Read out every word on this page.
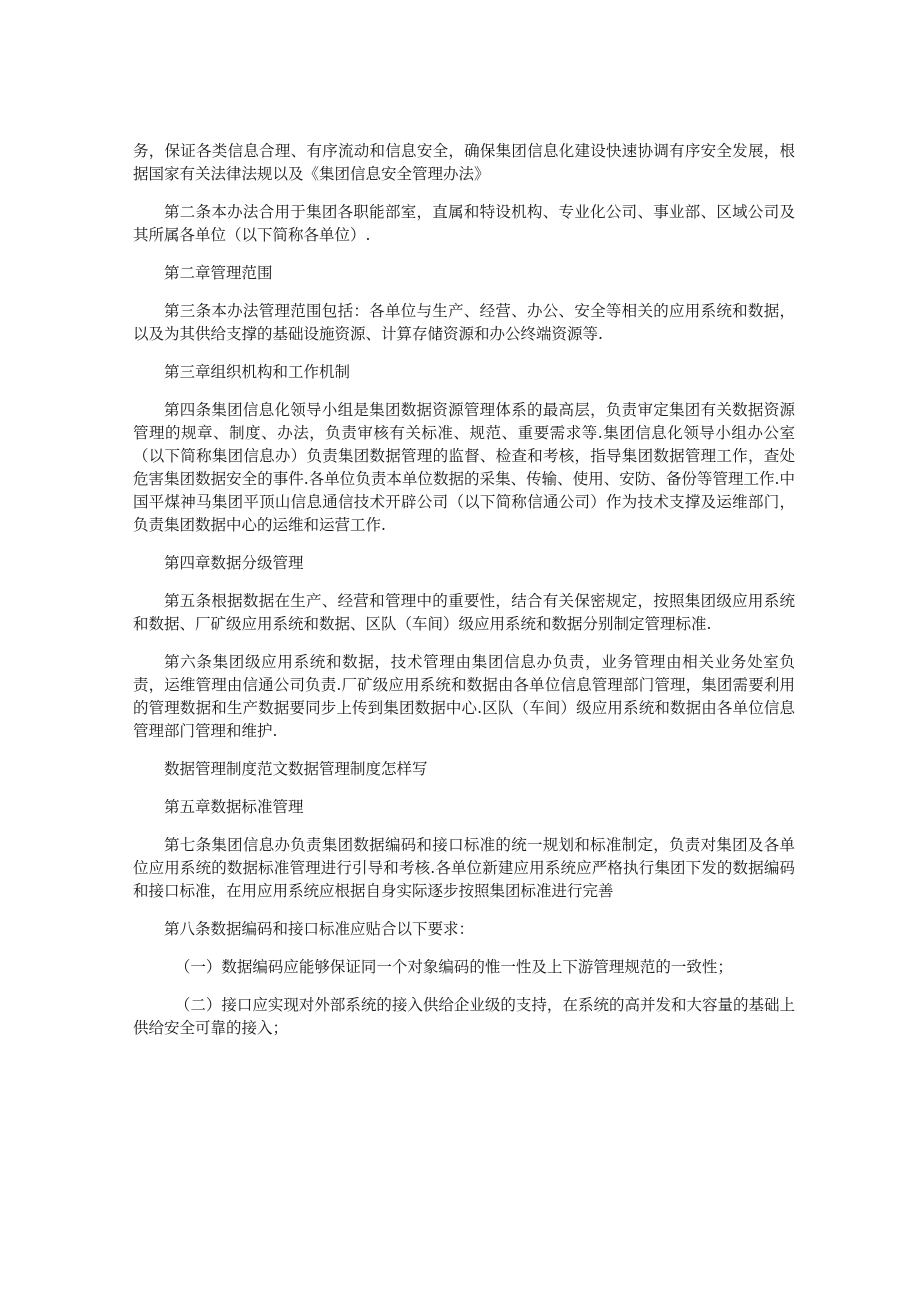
务，保证各类信息合理、有序流动和信息安全，确保集团信息化建设快速协调有序安全发展，根据国家有关法律法规以及《集团信息安全管理办法》

第二条本办法合用于集团各职能部室，直属和特设机构、专业化公司、事业部、区域公司及其所属各单位（以下简称各单位）.

第二章管理范围

第三条本办法管理范围包括：各单位与生产、经营、办公、安全等相关的应用系统和数据，以及为其供给支撑的基础设施资源、计算存储资源和办公终端资源等.

第三章组织机构和工作机制

第四条集团信息化领导小组是集团数据资源管理体系的最高层，负责审定集团有关数据资源管理的规章、制度、办法，负责审核有关标准、规范、重要需求等.集团信息化领导小组办公室（以下简称集团信息办）负责集团数据管理的监督、检查和考核，指导集团数据管理工作，查处危害集团数据安全的事件.各单位负责本单位数据的采集、传输、使用、安防、备份等管理工作.中国平煤神马集团平顶山信息通信技术开辟公司（以下简称信通公司）作为技术支撑及运维部门，负责集团数据中心的运维和运营工作.

第四章数据分级管理

第五条根据数据在生产、经营和管理中的重要性，结合有关保密规定，按照集团级应用系统和数据、厂矿级应用系统和数据、区队（车间）级应用系统和数据分别制定管理标准.

第六条集团级应用系统和数据，技术管理由集团信息办负责，业务管理由相关业务处室负责，运维管理由信通公司负责.厂矿级应用系统和数据由各单位信息管理部门管理，集团需要利用的管理数据和生产数据要同步上传到集团数据中心.区队（车间）级应用系统和数据由各单位信息管理部门管理和维护.

数据管理制度范文数据管理制度怎样写

第五章数据标准管理

第七条集团信息办负责集团数据编码和接口标准的统一规划和标准制定，负责对集团及各单位应用系统的数据标准管理进行引导和考核.各单位新建应用系统应严格执行集团下发的数据编码和接口标准，在用应用系统应根据自身实际逐步按照集团标准进行完善

第八条数据编码和接口标准应贴合以下要求：

（一）数据编码应能够保证同一个对象编码的惟一性及上下游管理规范的一致性；

（二）接口应实现对外部系统的接入供给企业级的支持，在系统的高并发和大容量的基础上供给安全可靠的接入；
